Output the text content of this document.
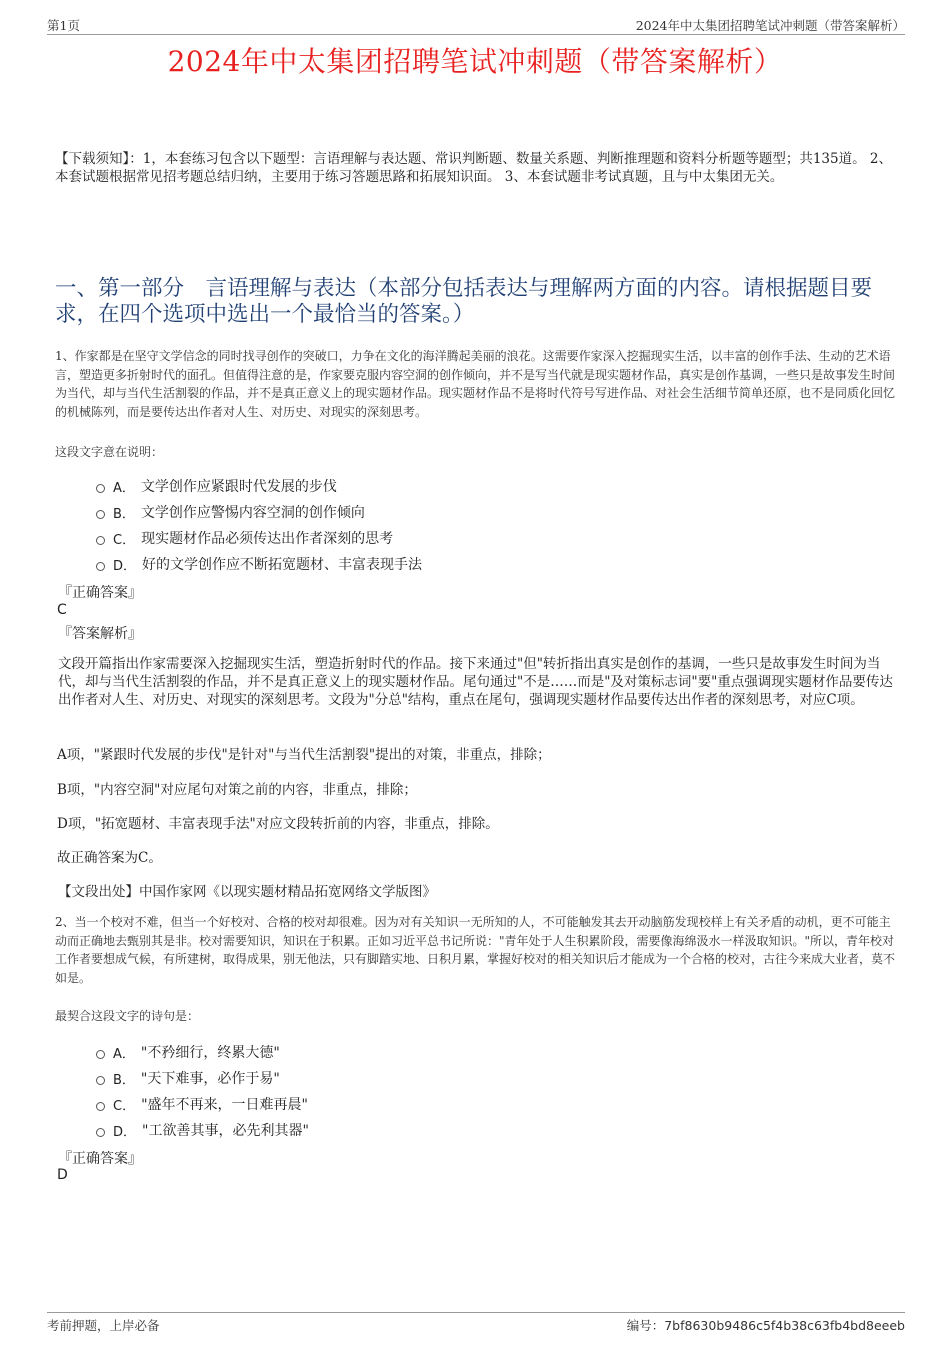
第1页	2024年中太集团招聘笔试冲刺题（带答案解析）
2024年中太集团招聘笔试冲刺题（带答案解析）

【下载须知】：1，本套练习包含以下题型：言语理解与表达题、常识判断题、数量关系题、判断推理题和资料分析题等题型；共135道。 2、本套试题根据常见招考题总结归纳，主要用于练习答题思路和拓展知识面。 3、本套试题非考试真题，且与中太集团无关。

一、第一部分　言语理解与表达（本部分包括表达与理解两方面的内容。请根据题目要求，在四个选项中选出一个最恰当的答案。）

1、作家都是在坚守文学信念的同时找寻创作的突破口，力争在文化的海洋腾起美丽的浪花。这需要作家深入挖掘现实生活，以丰富的创作手法、生动的艺术语言，塑造更多折射时代的面孔。但值得注意的是，作家要克服内容空洞的创作倾向，并不是写当代就是现实题材作品，真实是创作基调，一些只是故事发生时间为当代，却与当代生活割裂的作品，并不是真正意义上的现实题材作品。现实题材作品不是将时代符号写进作品、对社会生活细节简单还原，也不是同质化回忆的机械陈列，而是要传达出作者对人生、对历史、对现实的深刻思考。

这段文字意在说明：

A． 文学创作应紧跟时代发展的步伐
B． 文学创作应警惕内容空洞的创作倾向
C． 现实题材作品必须传达出作者深刻的思考
D． 好的文学创作应不断拓宽题材、丰富表现手法

『正确答案』

C

『答案解析』

文段开篇指出作家需要深入挖掘现实生活，塑造折射时代的作品。接下来通过"但"转折指出真实是创作的基调，一些只是故事发生时间为当代，却与当代生活割裂的作品，并不是真正意义上的现实题材作品。尾句通过"不是……而是"及对策标志词"要"重点强调现实题材作品要传达出作者对人生、对历史、对现实的深刻思考。文段为"分总"结构，重点在尾句，强调现实题材作品要传达出作者的深刻思考，对应C项。

A项，"紧跟时代发展的步伐"是针对"与当代生活割裂"提出的对策，非重点，排除；

B项，"内容空洞"对应尾句对策之前的内容，非重点，排除；

D项，"拓宽题材、丰富表现手法"对应文段转折前的内容，非重点，排除。

故正确答案为C。

【文段出处】中国作家网《以现实题材精品拓宽网络文学版图》

2、当一个校对不难，但当一个好校对、合格的校对却很难。因为对有关知识一无所知的人，不可能触发其去开动脑筋发现校样上有关矛盾的动机，更不可能主动而正确地去甄别其是非。校对需要知识，知识在于积累。正如习近平总书记所说："青年处于人生积累阶段，需要像海绵汲水一样汲取知识。"所以，青年校对工作者要想成气候，有所建树，取得成果，别无他法，只有脚踏实地、日积月累，掌握好校对的相关知识后才能成为一个合格的校对，古往今来成大业者，莫不如是。

最契合这段文字的诗句是：

A． "不矜细行，终累大德"
B． "天下难事，必作于易"
C． "盛年不再来，一日难再晨"
D． "工欲善其事，必先利其器"

『正确答案』

D

考前押题，上岸必备	编号：7bf8630b9486c5f4b38c63fb4bd8eeeb
